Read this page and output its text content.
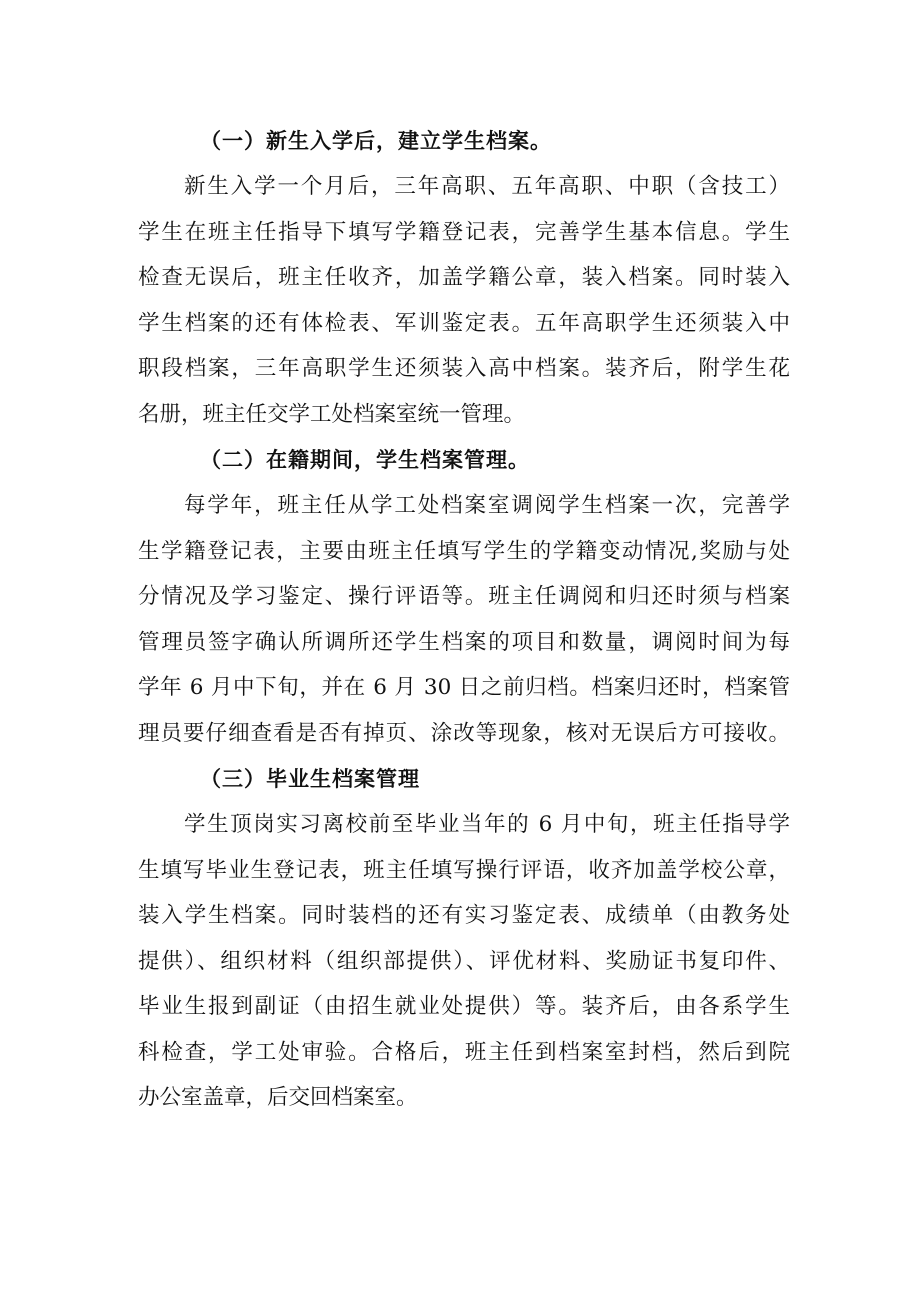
（一）新生入学后，建立学生档案。

新生入学一个月后，三年高职、五年高职、中职（含技工）
学生在班主任指导下填写学籍登记表，完善学生基本信息。学生
检查无误后，班主任收齐，加盖学籍公章，装入档案。同时装入
学生档案的还有体检表、军训鉴定表。五年高职学生还须装入中
职段档案，三年高职学生还须装入高中档案。装齐后，附学生花
名册，班主任交学工处档案室统一管理。

（二）在籍期间，学生档案管理。

每学年，班主任从学工处档案室调阅学生档案一次，完善学
生学籍登记表，主要由班主任填写学生的学籍变动情况,奖励与处
分情况及学习鉴定、操行评语等。班主任调阅和归还时须与档案
管理员签字确认所调所还学生档案的项目和数量，调阅时间为每
学年 6 月中下旬，并在 6 月 30 日之前归档。档案归还时，档案管
理员要仔细查看是否有掉页、涂改等现象，核对无误后方可接收。

（三）毕业生档案管理

学生顶岗实习离校前至毕业当年的 6 月中旬，班主任指导学
生填写毕业生登记表，班主任填写操行评语，收齐加盖学校公章，
装入学生档案。同时装档的还有实习鉴定表、成绩单（由教务处
提供）、组织材料（组织部提供）、评优材料、奖励证书复印件、
毕业生报到副证（由招生就业处提供）等。装齐后，由各系学生
科检查，学工处审验。合格后，班主任到档案室封档，然后到院
办公室盖章，后交回档案室。
